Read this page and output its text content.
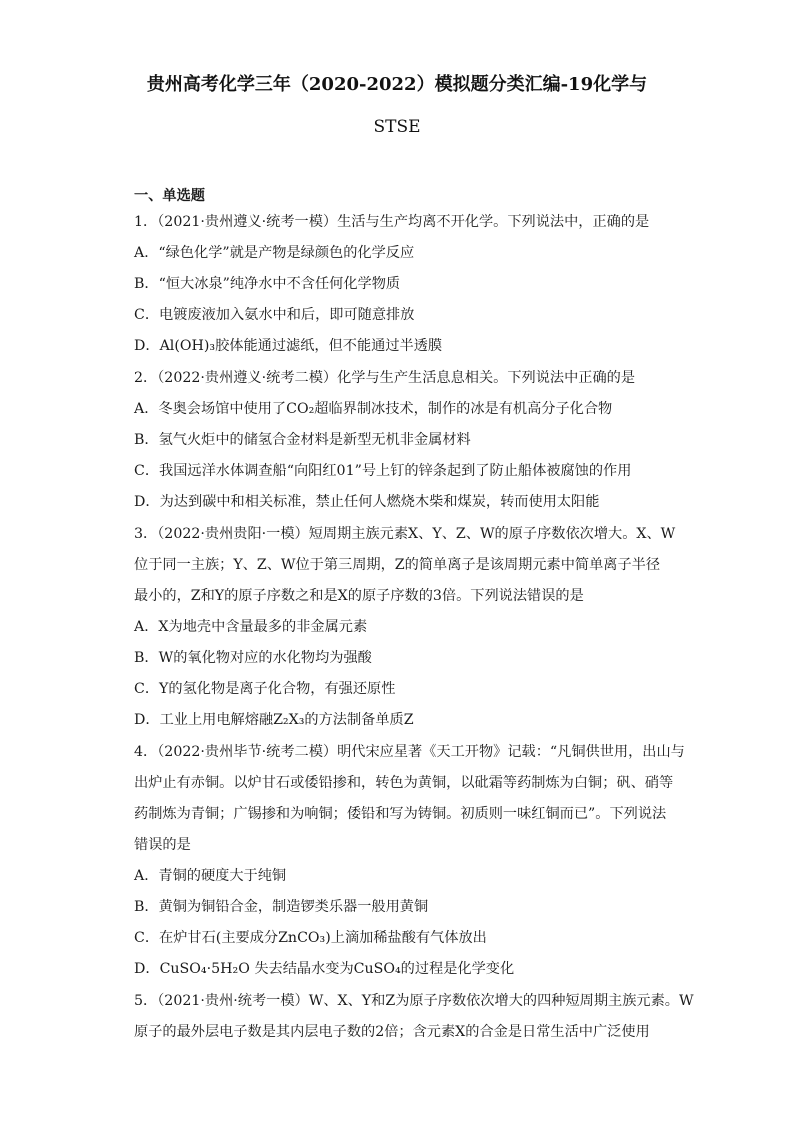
贵州高考化学三年（2020-2022）模拟题分类汇编-19化学与
STSE
一、单选题
1．（2021·贵州遵义·统考一模）生活与生产均离不开化学。下列说法中，正确的是
A．“绿色化学”就是产物是绿颜色的化学反应
B．“恒大冰泉”纯净水中不含任何化学物质
C．电镀废液加入氨水中和后，即可随意排放
D．Al(OH)₃胶体能通过滤纸，但不能通过半透膜
2．（2022·贵州遵义·统考二模）化学与生产生活息息相关。下列说法中正确的是
A．冬奥会场馆中使用了CO₂超临界制冰技术，制作的冰是有机高分子化合物
B．氢气火炬中的储氢合金材料是新型无机非金属材料
C．我国远洋水体调查船“向阳红01”号上钉的锌条起到了防止船体被腐蚀的作用
D．为达到碳中和相关标准，禁止任何人燃烧木柴和煤炭，转而使用太阳能
3．（2022·贵州贵阳·一模）短周期主族元素X、Y、Z、W的原子序数依次增大。X、W
位于同一主族；Y、Z、W位于第三周期，Z的简单离子是该周期元素中简单离子半径
最小的，Z和Y的原子序数之和是X的原子序数的3倍。下列说法错误的是
A．X为地壳中含量最多的非金属元素
B．W的氧化物对应的水化物均为强酸
C．Y的氢化物是离子化合物，有强还原性
D．工业上用电解熔融Z₂X₃的方法制备单质Z
4．（2022·贵州毕节·统考二模）明代宋应星著《天工开物》记载：“凡铜供世用，出山与
出炉止有赤铜。以炉甘石或倭铅掺和，转色为黄铜，以砒霜等药制炼为白铜；矾、硝等
药制炼为青铜；广锡掺和为响铜；倭铅和写为铸铜。初质则一味红铜而已”。下列说法
错误的是
A．青铜的硬度大于纯铜
B．黄铜为铜铅合金，制造锣类乐器一般用黄铜
C．在炉甘石(主要成分ZnCO₃)上滴加稀盐酸有气体放出
D．CuSO₄·5H₂O 失去结晶水变为CuSO₄的过程是化学变化
5．（2021·贵州·统考一模）W、X、Y和Z为原子序数依次增大的四种短周期主族元素。W
原子的最外层电子数是其内层电子数的2倍；含元素X的合金是日常生活中广泛使用
